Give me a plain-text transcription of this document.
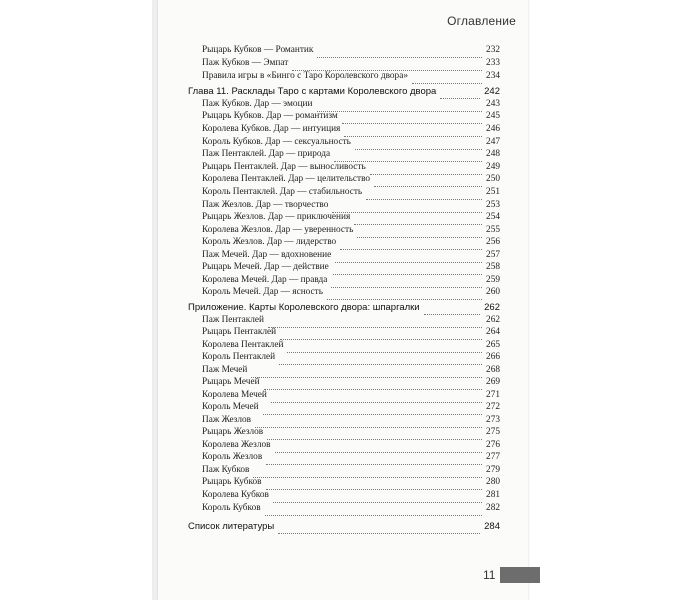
Оглавление
Рыцарь Кубков — Романтик	232
Паж Кубков — Эмпат	233
Правила игры в «Бинго с Таро Королевского двора»	234
Глава 11. Расклады Таро с картами Королевского двора	242
Паж Кубков. Дар — эмоции	243
Рыцарь Кубков. Дар — романтизм	245
Королева Кубков. Дар — интуиция	246
Король Кубков. Дар — сексуальность	247
Паж Пентаклей. Дар — природа	248
Рыцарь Пентаклей. Дар — выносливость	249
Королева Пентаклей. Дар — целительство	250
Король Пентаклей. Дар — стабильность	251
Паж Жезлов. Дар — творчество	253
Рыцарь Жезлов. Дар — приключения	254
Королева Жезлов. Дар — уверенность	255
Король Жезлов. Дар — лидерство	256
Паж Мечей. Дар — вдохновение	257
Рыцарь Мечей. Дар — действие	258
Королева Мечей. Дар — правда	259
Король Мечей. Дар — ясность	260
Приложение. Карты Королевского двора: шпаргалки	262
Паж Пентаклей	262
Рыцарь Пентаклей	264
Королева Пентаклей	265
Король Пентаклей	266
Паж Мечей	268
Рыцарь Мечей	269
Королева Мечей	271
Король Мечей	272
Паж Жезлов	273
Рыцарь Жезлов	275
Королева Жезлов	276
Король Жезлов	277
Паж Кубков	279
Рыцарь Кубков	280
Королева Кубков	281
Король Кубков	282
Список литературы	284
11
